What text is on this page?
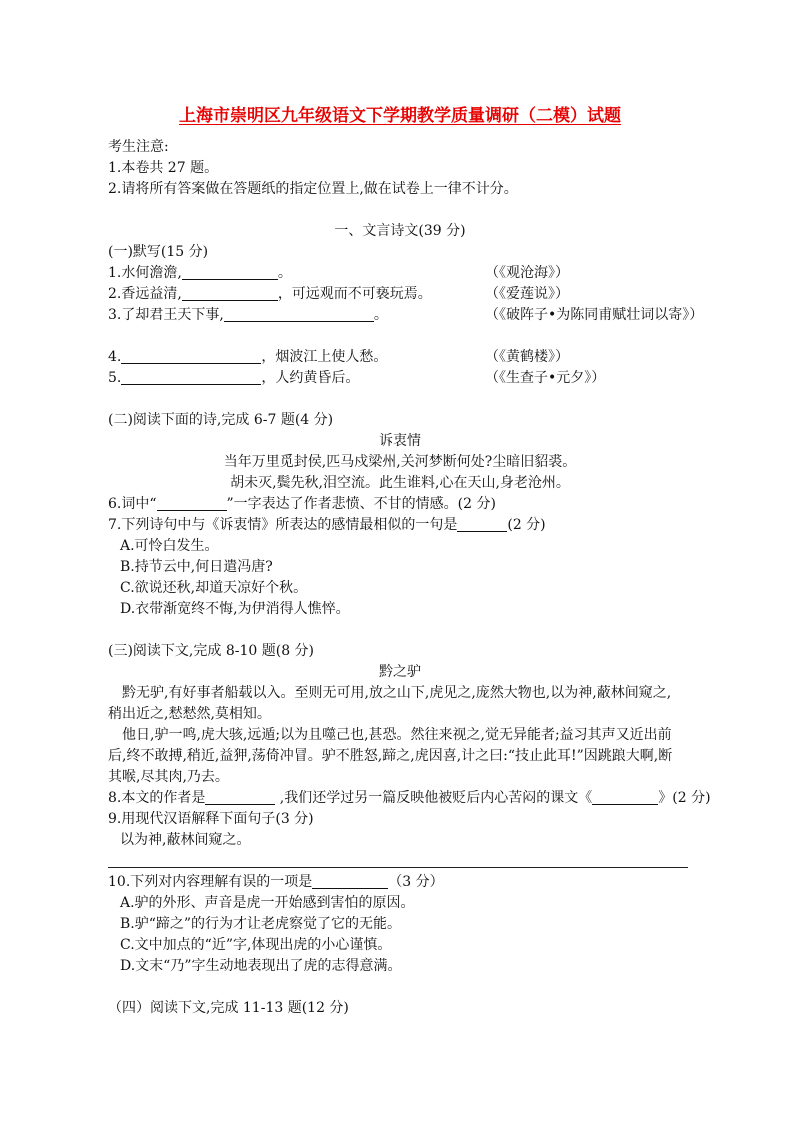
上海市崇明区九年级语文下学期教学质量调研（二模）试题
考生注意:
1.本卷共 27 题。
2.请将所有答案做在答题纸的指定位置上,做在试卷上一律不计分。
一、文言诗文(39 分)
(一)默写(15 分)
1.水何澹澹,	。	（《观沧海》）
2.香远益清,	，可远观而不可亵玩焉。	（《爱莲说》）
3.了却君王天下事,	。	（《破阵子•为陈同甫赋壮词以寄》）
4.	，烟波江上使人愁。	（《黄鹤楼》）
5.	，人约黄昏后。	（《生查子•元夕》）
(二)阅读下面的诗,完成 6-7 题(4 分)
诉衷情
当年万里觅封侯,匹马戍梁州,关河梦断何处?尘暗旧貂裘。
胡未灭,鬓先秋,泪空流。此生谁料,心在天山,身老沧州。
6.词中“	”一字表达了作者悲愤、不甘的情感。(2 分)
7.下列诗句中与《诉衷情》所表达的感情最相似的一句是	(2 分)
A.可怜白发生。
B.持节云中,何日遣冯唐?
C.欲说还秋,却道天凉好个秋。
D.衣带渐宽终不悔,为伊消得人憔悴。
(三)阅读下文,完成 8-10 题(8 分)
黔之驴
黔无驴,有好事者船载以入。至则无可用,放之山下,虎见之,庞然大物也,以为神,蔽林间窥之,
稍出近之,慭慭然,莫相知。
他日,驴一鸣,虎大骇,远遁;以为且噬己也,甚恐。然往来视之,觉无异能者;益习其声又近出前
后,终不敢搏,稍近,益狎,荡倚冲冒。驴不胜怒,蹄之,虎因喜,计之曰:“技止此耳!”因跳踉大啊,断
其喉,尽其肉,乃去。
8.本文的作者是	,我们还学过另一篇反映他被贬后内心苦闷的课文《	》(2 分)
9.用现代汉语解释下面句子(3 分)
以为神,蔽林间窥之。
10.下列对内容理解有误的一项是	（3 分）
A.驴的外形、声音是虎一开始感到害怕的原因。
B.驴“蹄之”的行为才让老虎察觉了它的无能。
C.文中加点的“近”字,体现出虎的小心谨慎。
D.文末“乃”字生动地表现出了虎的志得意满。
（四）阅读下文,完成 11-13 题(12 分)
